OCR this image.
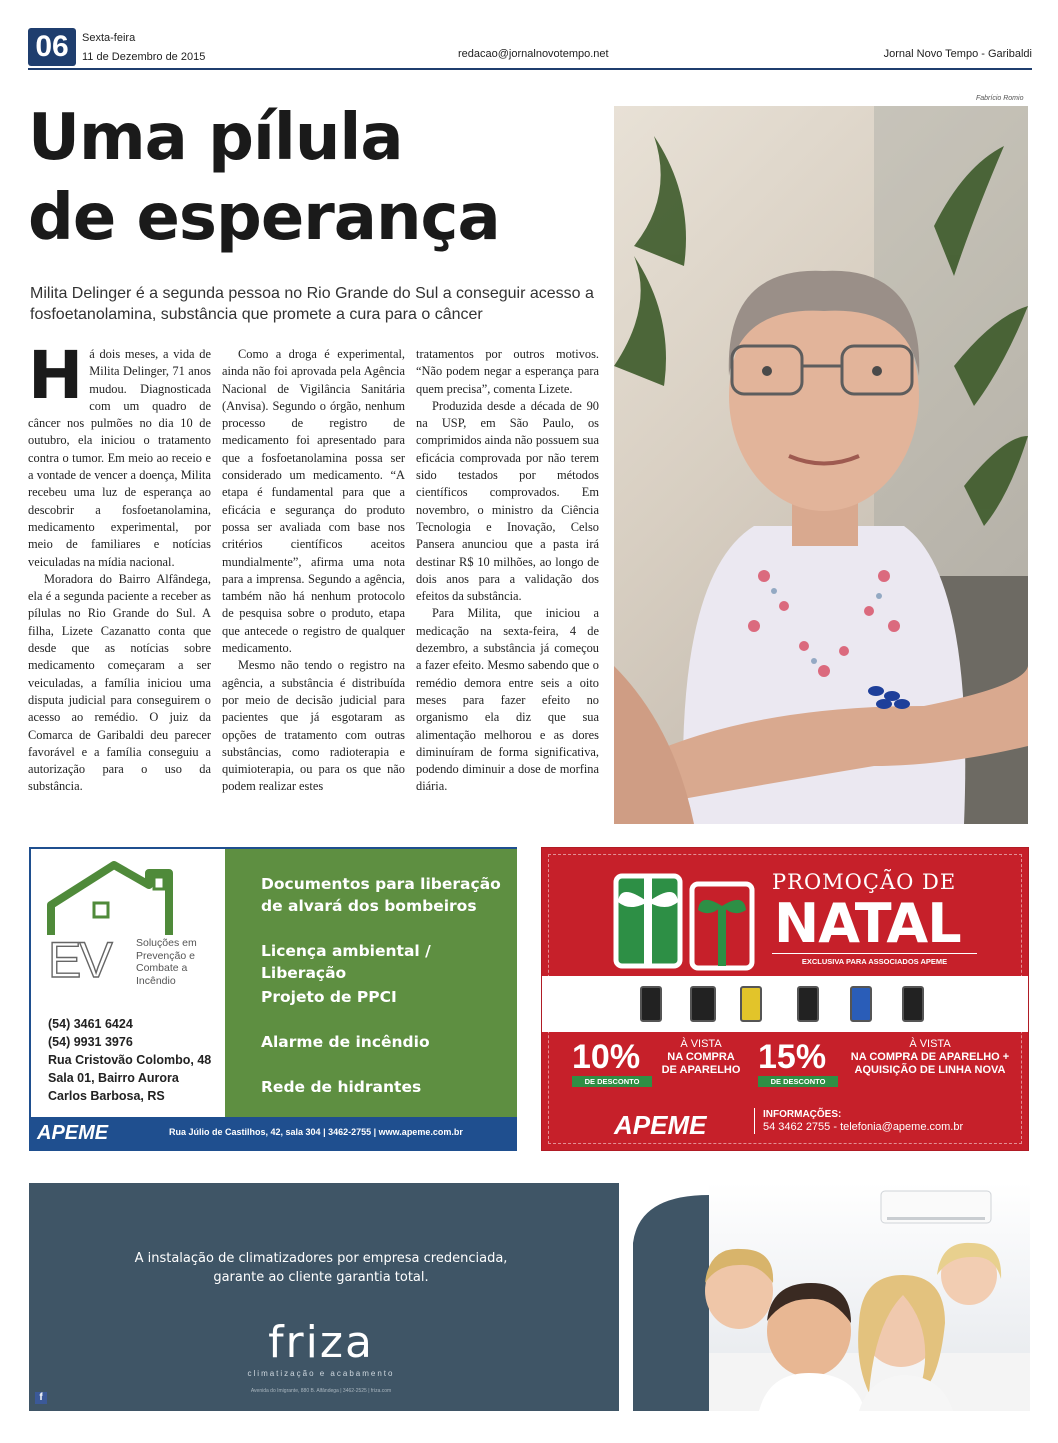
06	Sexta-feira
11 de Dezembro de 2015	redacao@jornalnovotempo.net	Jornal Novo Tempo - Garibaldi
Uma pílula
de esperança
Milita Delinger é a segunda pessoa no Rio Grande do Sul a conseguir acesso a fosfoetanolamina, substância que promete a cura para o câncer

Há dois meses, a vida de Milita Delinger, 71 anos mudou. Diagnosticada com um quadro de câncer nos pulmões no dia 10 de outubro, ela iniciou o tratamento contra o tumor. Em meio ao receio e a vontade de vencer a doença, Milita recebeu uma luz de esperança ao descobrir a fosfoetanolamina, medicamento experimental, por meio de familiares e notícias veiculadas na mídia nacional.

Moradora do Bairro Alfândega, ela é a segunda paciente a receber as pílulas no Rio Grande do Sul. A filha, Lizete Cazanatto conta que desde que as notícias sobre medicamento começaram a ser veiculadas, a família iniciou uma disputa judicial para conseguirem o acesso ao remédio. O juiz da Comarca de Garibaldi deu parecer favorável e a família conseguiu a autorização para o uso da substância.

Como a droga é experimental, ainda não foi aprovada pela Agência Nacional de Vigilância Sanitária (Anvisa). Segundo o órgão, nenhum processo de registro de medicamento foi apresentado para que a fosfoetanolamina possa ser considerado um medicamento. “A etapa é fundamental para que a eficácia e segurança do produto possa ser avaliada com base nos critérios científicos aceitos mundialmente”, afirma uma nota para a imprensa. Segundo a agência, também não há nenhum protocolo de pesquisa sobre o produto, etapa que antecede o registro de qualquer medicamento.

Mesmo não tendo o registro na agência, a substância é distribuída por meio de decisão judicial para pacientes que já esgotaram as opções de tratamento com outras substâncias, como radioterapia e quimioterapia, ou para os que não podem realizar estes

tratamentos por outros motivos. “Não podem negar a esperança para quem precisa”, comenta Lizete.

Produzida desde a década de 90 na USP, em São Paulo, os comprimidos ainda não possuem sua eficácia comprovada por não terem sido testados por métodos científicos comprovados. Em novembro, o ministro da Ciência Tecnologia e Inovação, Celso Pansera anunciou que a pasta irá destinar R$ 10 milhões, ao longo de dois anos para a validação dos efeitos da substância.

Para Milita, que iniciou a medicação na sexta-feira, 4 de dezembro, a substância já começou a fazer efeito. Mesmo sabendo que o remédio demora entre seis a oito meses para fazer efeito no organismo ela diz que sua alimentação melhorou e as dores diminuíram de forma significativa, podendo diminuir a dose de morfina diária.

Fabrício Romio
EV Soluções em Prevenção e Combate a Incêndio
(54) 3461 6424
(54) 9931 3976
Rua Cristovão Colombo, 48
Sala 01, Bairro Aurora
Carlos Barbosa, RS
Documentos para liberação de alvará dos bombeiros
Licença ambiental / Liberação
Projeto de PPCI
Alarme de incêndio
Rede de hidrantes
APEME	Rua Júlio de Castilhos, 42, sala 304 | 3462-2755 | www.apeme.com.br
PROMOÇÃO DE
NATAL
EXCLUSIVA PARA ASSOCIADOS APEME
10%
DE DESCONTO
À VISTA
NA COMPRA
DE APARELHO 15%
DE DESCONTO
À VISTA
NA COMPRA DE APARELHO +
AQUISIÇÃO DE LINHA NOVA
APEME	INFORMAÇÕES:
54 3462 2755 - telefonia@apeme.com.br
A instalação de climatizadores por empresa credenciada,
garante ao cliente garantia total.
friza
climatização e acabamento
Avenida do Imigrante, 880 B. Alfândega | 3462-2525 | friza.com
f
